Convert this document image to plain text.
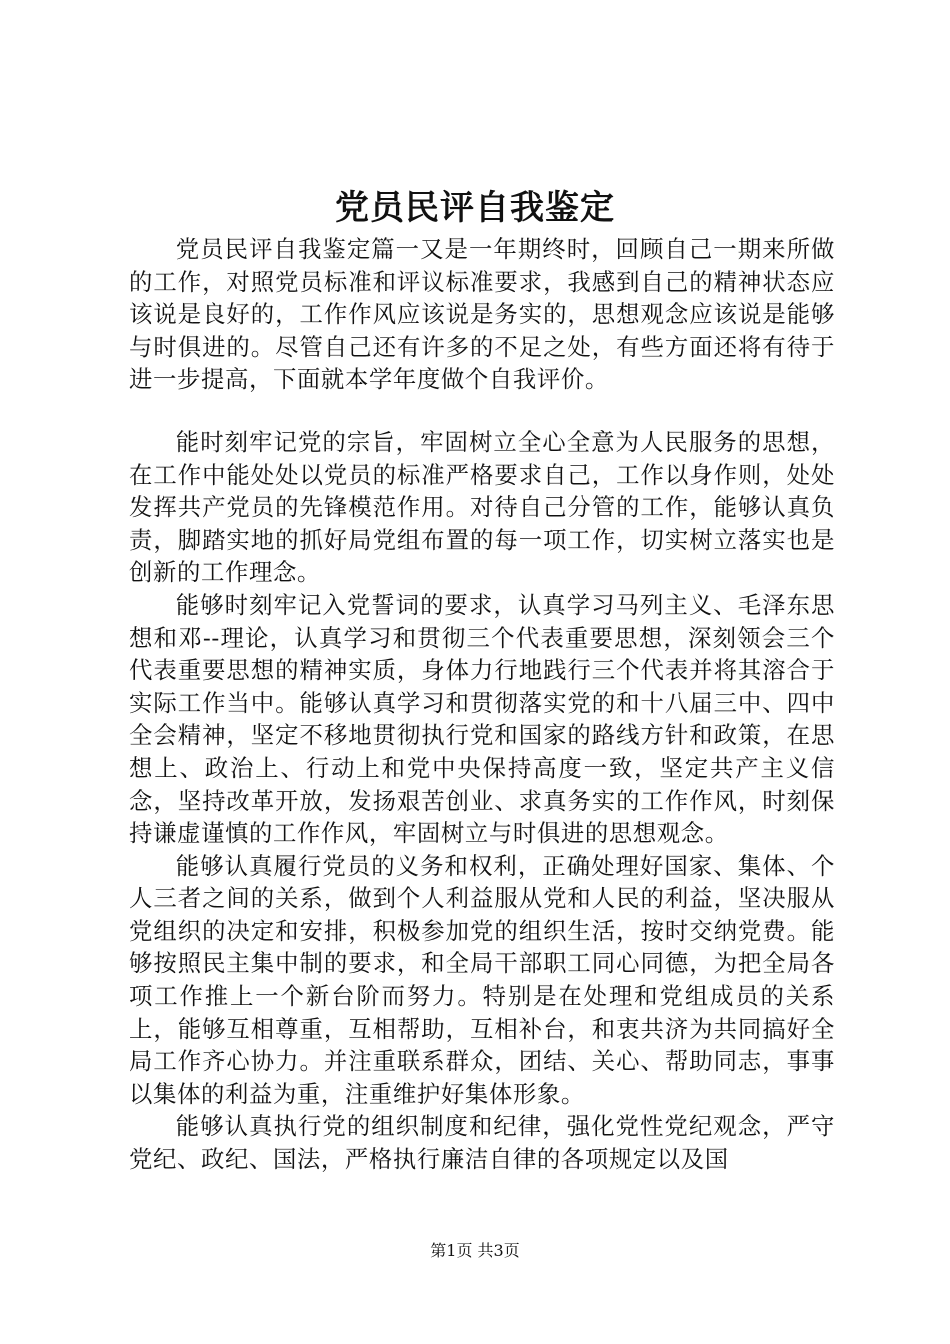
党员民评自我鉴定

党员民评自我鉴定篇一又是一年期终时，回顾自己一期来所做的工作，对照党员标准和评议标准要求，我感到自己的精神状态应该说是良好的，工作作风应该说是务实的，思想观念应该说是能够与时俱进的。尽管自己还有许多的不足之处，有些方面还将有待于进一步提高，下面就本学年度做个自我评价。

能时刻牢记党的宗旨，牢固树立全心全意为人民服务的思想，在工作中能处处以党员的标准严格要求自己，工作以身作则，处处发挥共产党员的先锋模范作用。对待自己分管的工作，能够认真负责，脚踏实地的抓好局党组布置的每一项工作，切实树立落实也是创新的工作理念。

能够时刻牢记入党誓词的要求，认真学习马列主义、毛泽东思想和邓--理论，认真学习和贯彻三个代表重要思想，深刻领会三个代表重要思想的精神实质，身体力行地践行三个代表并将其溶合于实际工作当中。能够认真学习和贯彻落实党的和十八届三中、四中全会精神，坚定不移地贯彻执行党和国家的路线方针和政策，在思想上、政治上、行动上和党中央保持高度一致，坚定共产主义信念，坚持改革开放，发扬艰苦创业、求真务实的工作作风，时刻保持谦虚谨慎的工作作风，牢固树立与时俱进的思想观念。

能够认真履行党员的义务和权利，正确处理好国家、集体、个人三者之间的关系，做到个人利益服从党和人民的利益，坚决服从党组织的决定和安排，积极参加党的组织生活，按时交纳党费。能够按照民主集中制的要求，和全局干部职工同心同德，为把全局各项工作推上一个新台阶而努力。特别是在处理和党组成员的关系上，能够互相尊重，互相帮助，互相补台，和衷共济为共同搞好全局工作齐心协力。并注重联系群众，团结、关心、帮助同志，事事以集体的利益为重，注重维护好集体形象。

能够认真执行党的组织制度和纪律，强化党性党纪观念，严守党纪、政纪、国法，严格执行廉洁自律的各项规定以及国

第1页 共3页
